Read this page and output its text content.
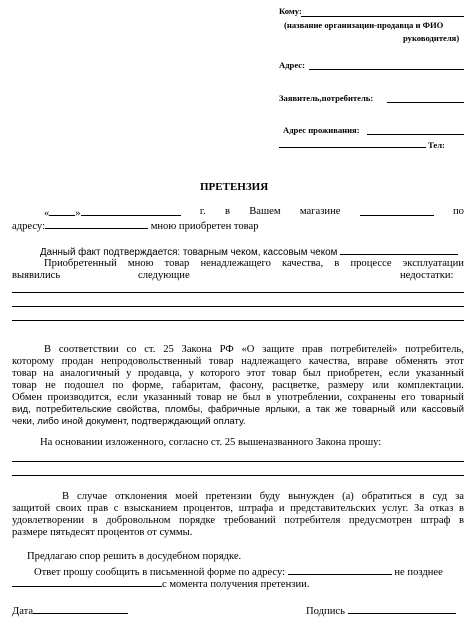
Кому:
(название организации-продавца и ФИО
руководителя)
Адрес:
Заявитель,потребитель:
Адрес проживания:
Тел:
ПРЕТЕНЗИЯ
« »	г. в Вашем магазине	по
адресу:	мною приобретен товар
Данный факт подтверждается: товарным чеком, кассовым чеком
Приобретенный мною товар ненадлежащего качества, в процессе эксплуатации
выявились	следующие	недостатки:
В соответствии со ст. 25 Закона РФ «О защите прав потребителей» потребитель,
которому продан непродовольственный товар надлежащего качества, вправе обменять этот
товар на аналогичный у продавца, у которого этот товар был приобретен, если указанный
товар не подошел по форме, габаритам, фасону, расцветке, размеру или комплектации.
Обмен производится, если указанный товар не был в употреблении, сохранены его товарный
вид, потребительские свойства, пломбы, фабричные ярлыки, а так же товарный или кассовый
чеки, либо иной документ, подтверждающий оплату.
На основании изложенного, согласно ст. 25 вышеназванного Закона прошу:
В случае отклонения моей претензии буду вынужден (а) обратиться в суд за
защитой своих прав с взысканием процентов, штрафа и представительских услуг. За отказ в
удовлетворении в добровольном порядке требований потребителя предусмотрен штраф в
размере пятьдесят процентов от суммы.
Предлагаю спор решить в досудебном порядке.
Ответ прошу сообщить в письменной форме по адресу:	не позднее
с момента получения претензии.
Дата	Подпись
